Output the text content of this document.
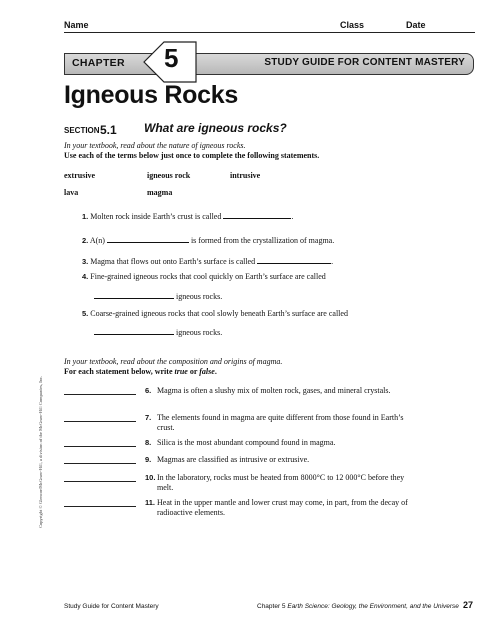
Name	Class	Date
CHAPTER 5	STUDY GUIDE FOR CONTENT MASTERY
Igneous Rocks
SECTION 5.1 What are igneous rocks?
In your textbook, read about the nature of igneous rocks.
Use each of the terms below just once to complete the following statements.
extrusive	igneous rock	intrusive
lava	magma
1. Molten rock inside Earth’s crust is called	.
2. A(n)	is formed from the crystallization of magma.
3. Magma that flows out onto Earth’s surface is called	.
4. Fine-grained igneous rocks that cool quickly on Earth’s surface are called
igneous rocks.
5. Coarse-grained igneous rocks that cool slowly beneath Earth’s surface are called
igneous rocks.
In your textbook, read about the composition and origins of magma.
For each statement below, write true or false.
6. Magma is often a slushy mix of molten rock, gases, and mineral crystals.
7. The elements found in magma are quite different from those found in Earth’s crust.
8. Silica is the most abundant compound found in magma.
9. Magmas are classified as intrusive or extrusive.
10. In the laboratory, rocks must be heated from 8000°C to 12 000°C before they melt.
11. Heat in the upper mantle and lower crust may come, in part, from the decay of radioactive elements.
Copyright © Glencoe/McGraw-Hill, a division of the McGraw-Hill Companies, Inc.
Study Guide for Content Mastery	Chapter 5 Earth Science: Geology, the Environment, and the Universe 27
